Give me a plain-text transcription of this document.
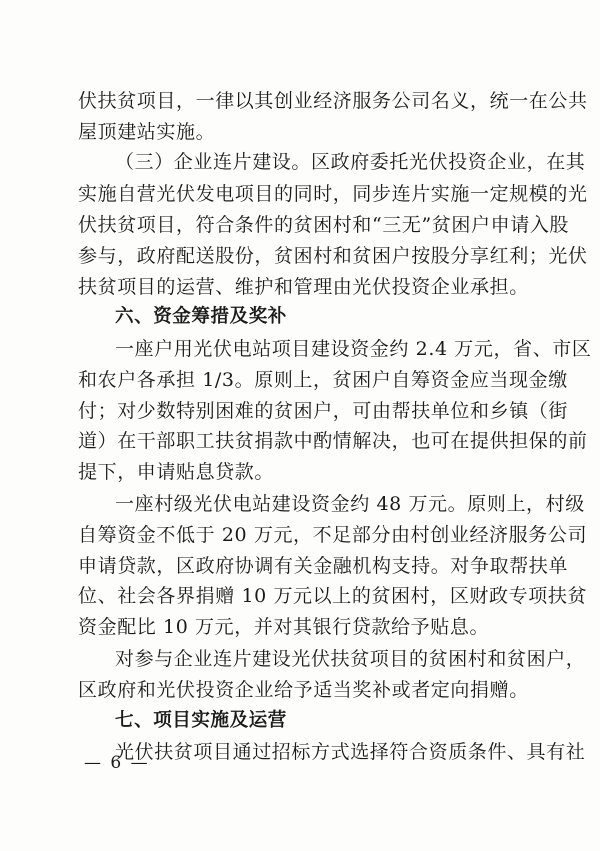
伏扶贫项目，一律以其创业经济服务公司名义，统一在公共
屋顶建站实施。
（三）企业连片建设。区政府委托光伏投资企业，在其
实施自营光伏发电项目的同时，同步连片实施一定规模的光
伏扶贫项目，符合条件的贫困村和“三无”贫困户申请入股
参与，政府配送股份，贫困村和贫困户按股分享红利；光伏
扶贫项目的运营、维护和管理由光伏投资企业承担。
六、资金筹措及奖补
一座户用光伏电站项目建设资金约 2.4 万元，省、市区
和农户各承担 1/3。原则上，贫困户自筹资金应当现金缴
付；对少数特别困难的贫困户，可由帮扶单位和乡镇（街
道）在干部职工扶贫捐款中酌情解决，也可在提供担保的前
提下，申请贴息贷款。
一座村级光伏电站建设资金约 48 万元。原则上，村级
自筹资金不低于 20 万元，不足部分由村创业经济服务公司
申请贷款，区政府协调有关金融机构支持。对争取帮扶单
位、社会各界捐赠 10 万元以上的贫困村，区财政专项扶贫
资金配比 10 万元，并对其银行贷款给予贴息。
对参与企业连片建设光伏扶贫项目的贫困村和贫困户，
区政府和光伏投资企业给予适当奖补或者定向捐赠。
七、项目实施及运营
光伏扶贫项目通过招标方式选择符合资质条件、具有社
— 6 —
